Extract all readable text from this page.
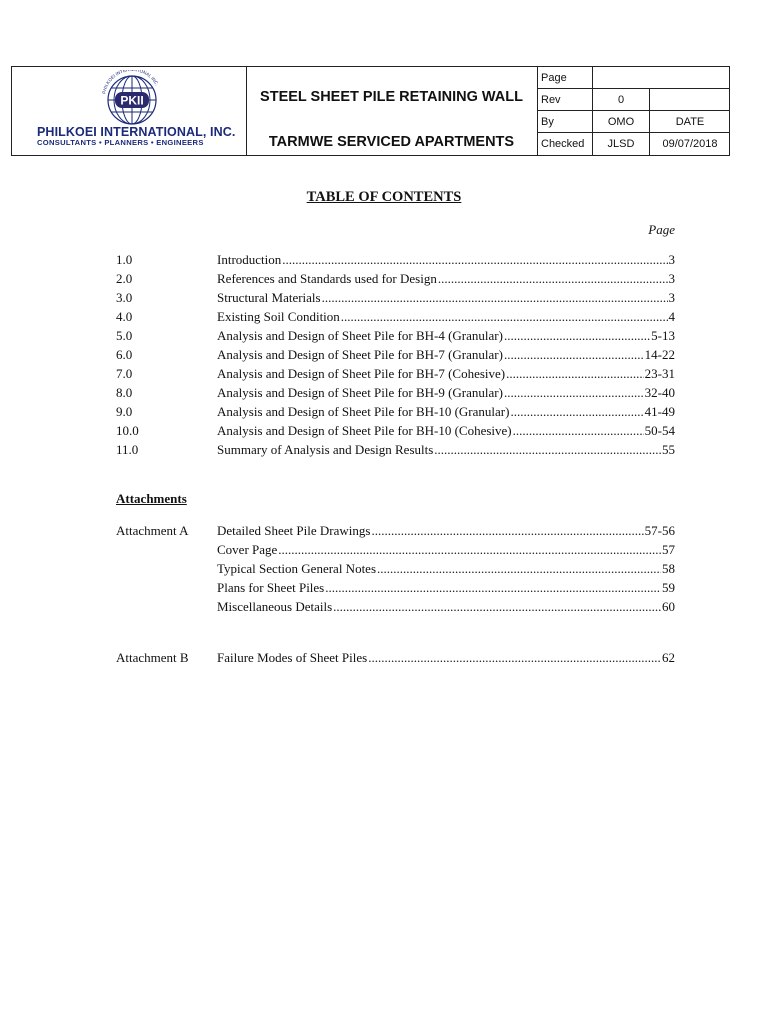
PKII
PHILKOEI INTE IONAL INC.
PHILKOEI INTERNATIONAL, INC.
CONSULTANTS • PLANNERS • ENGINEERS
STEEL SHEET PILE RETAINING WALL
TARMWE SERVICED APARTMENTS
Page
Rev	0
By	OMO	DATE
Checked	JLSD	09/07/2018
TABLE OF CONTENTS
Page
1.0	Introduction .....	3
2.0	References and Standards used for Design .....	3
3.0	Structural Materials .....	3
4.0	Existing Soil Condition .....	4
5.0	Analysis and Design of Sheet Pile for BH-4 (Granular) .....	5-13
6.0	Analysis and Design of Sheet Pile for BH-7 (Granular) .....	14-22
7.0	Analysis and Design of Sheet Pile for BH-7 (Cohesive) .....	23-31
8.0	Analysis and Design of Sheet Pile for BH-9 (Granular) .....	32-40
9.0	Analysis and Design of Sheet Pile for BH-10 (Granular) .....	41-49
10.0	Analysis and Design of Sheet Pile for BH-10 (Cohesive) .....	50-54
11.0	Summary of Analysis and Design Results .....	55
Attachments
Attachment A Detailed Sheet Pile Drawings .....	57-56
Cover Page .....	57
Typical Section General Notes .....	58
Plans for Sheet Piles .....	59
Miscellaneous Details .....	60
Attachment B Failure Modes of Sheet Piles .....	62
